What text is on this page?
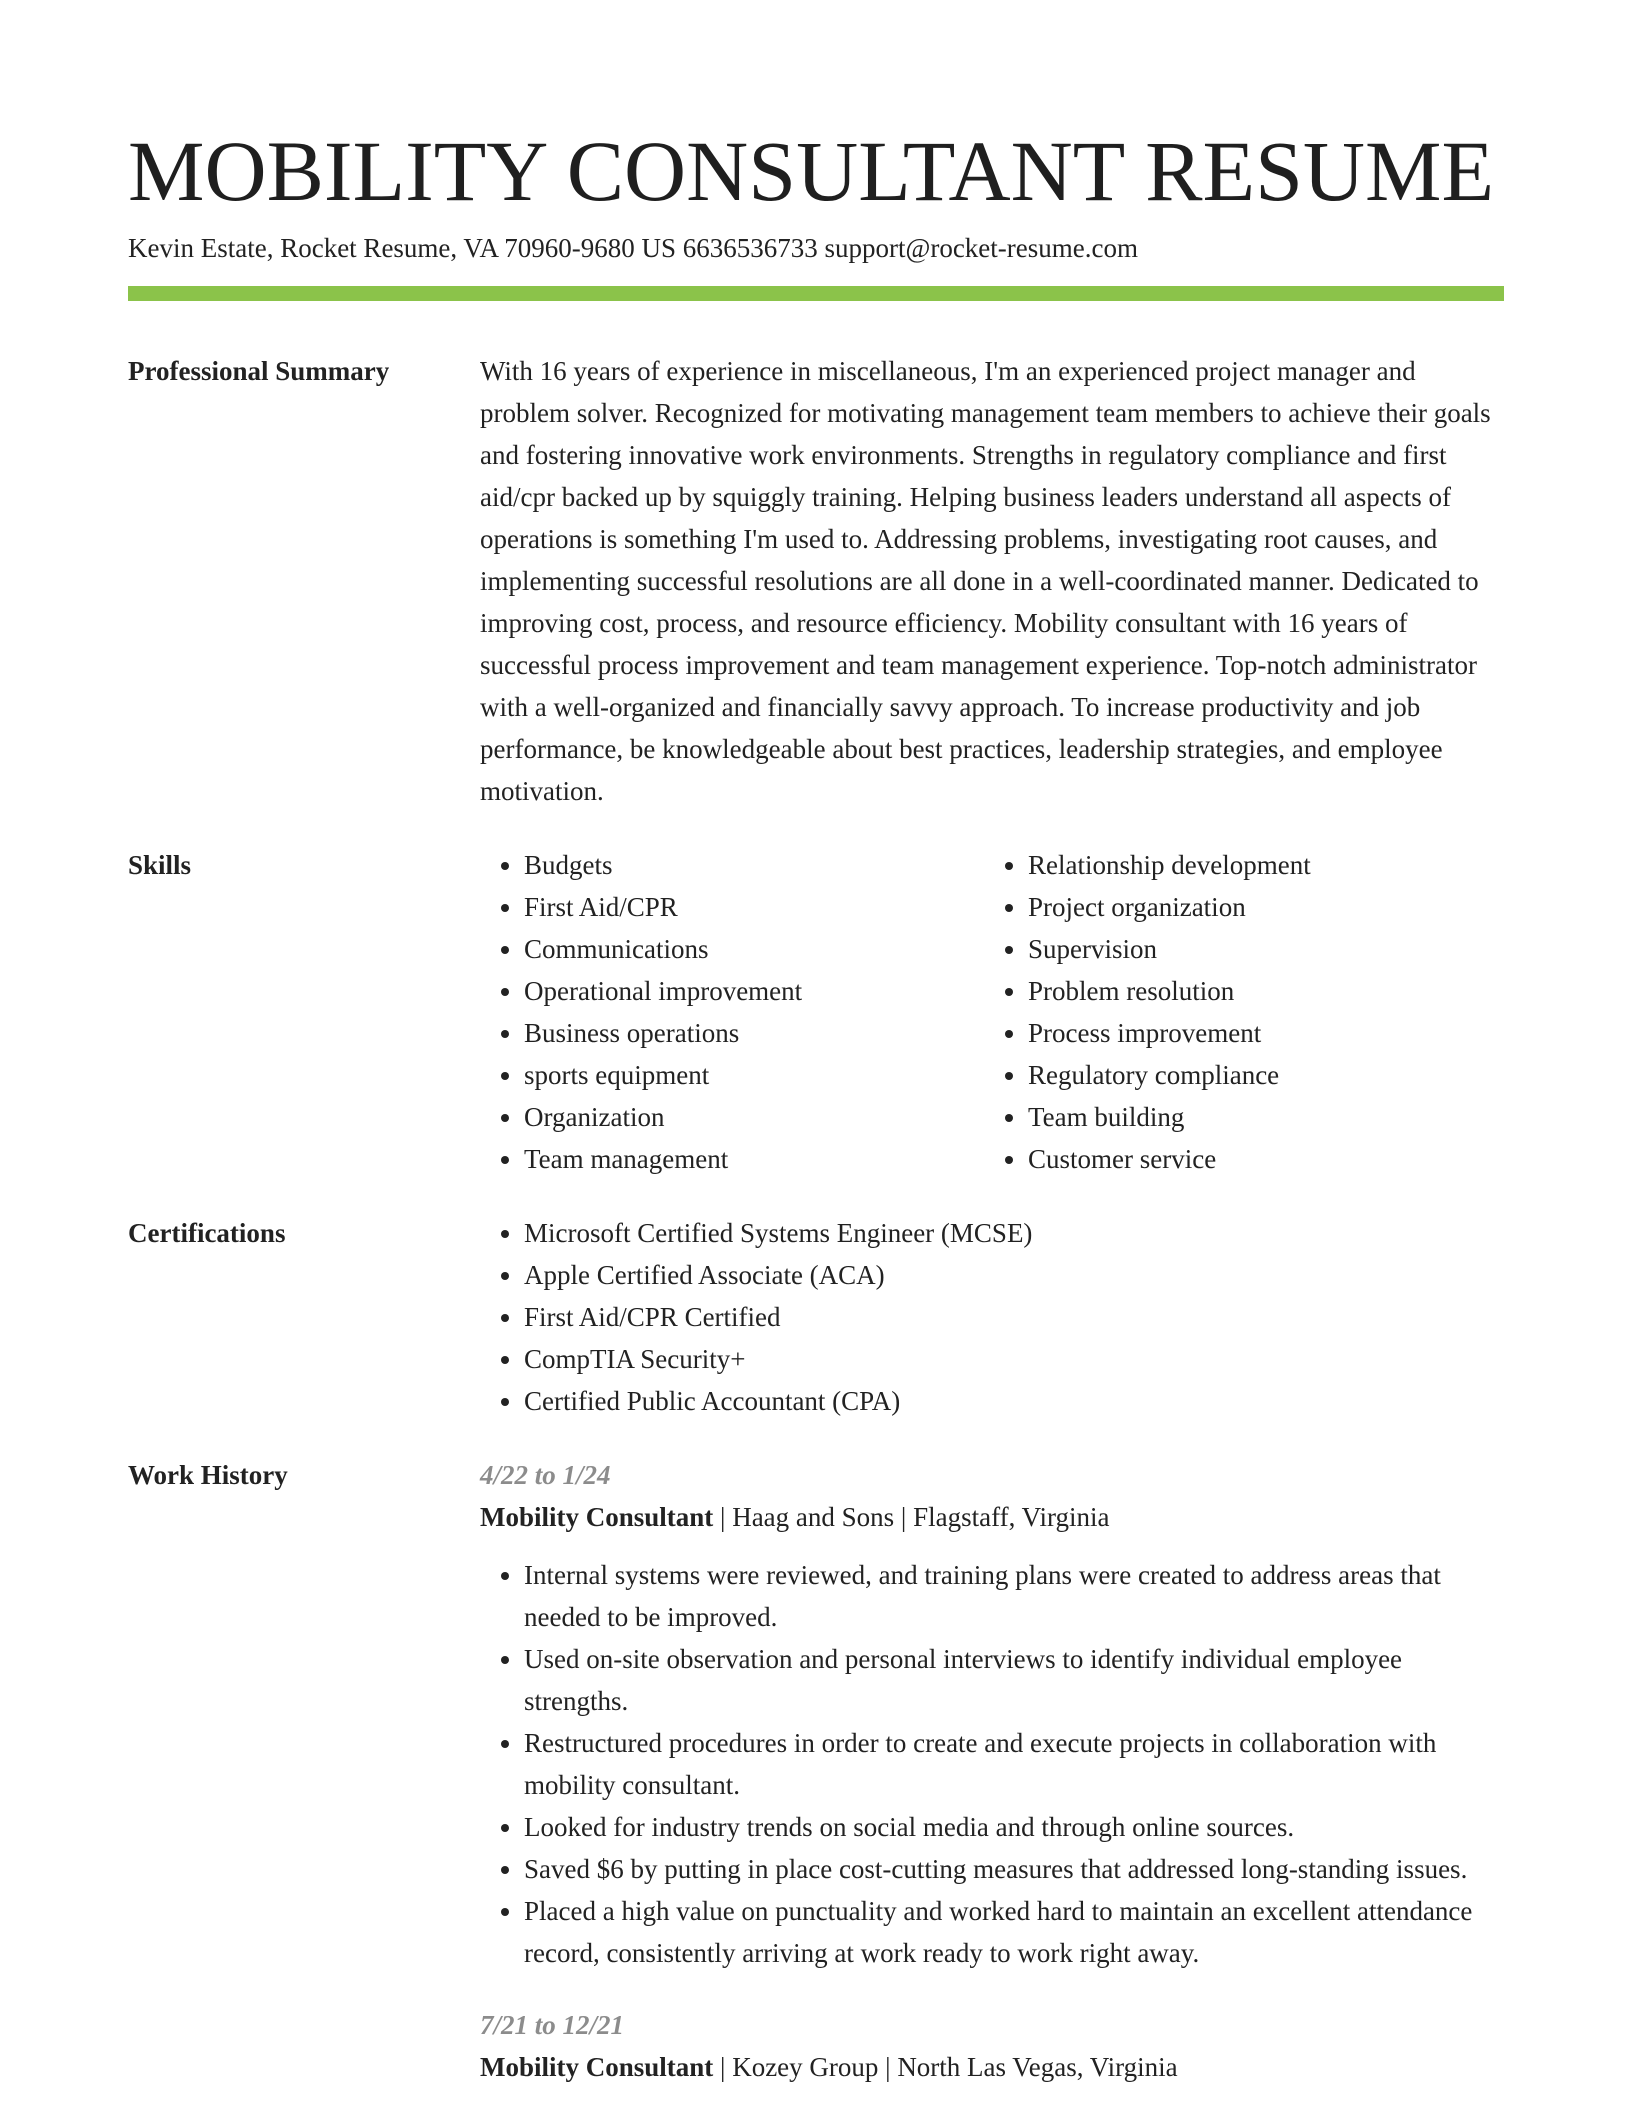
MOBILITY CONSULTANT RESUME
Kevin Estate, Rocket Resume, VA 70960-9680 US 6636536733 support@rocket-resume.com
Professional Summary	With 16 years of experience in miscellaneous, I'm an experienced project manager and problem solver. Recognized for motivating management team members to achieve their goals and fostering innovative work environments. Strengths in regulatory compliance and first aid/cpr backed up by squiggly training. Helping business leaders understand all aspects of operations is something I'm used to. Addressing problems, investigating root causes, and implementing successful resolutions are all done in a well-coordinated manner. Dedicated to improving cost, process, and resource efficiency. Mobility consultant with 16 years of successful process improvement and team management experience. Top-notch administrator with a well-organized and financially savvy approach. To increase productivity and job performance, be knowledgeable about best practices, leadership strategies, and employee motivation.

Skills	• Budgets
• First Aid/CPR
• Communications
• Operational improvement
• Business operations
• sports equipment
• Organization
• Team management
• Relationship development
• Project organization
• Supervision
• Problem resolution
• Process improvement
• Regulatory compliance
• Team building
• Customer service
Certifications	• Microsoft Certified Systems Engineer (MCSE)
• Apple Certified Associate (ACA)
• First Aid/CPR Certified
• CompTIA Security+
• Certified Public Accountant (CPA)
Work History	4/22 to 1/24
Mobility Consultant | Haag and Sons | Flagstaff, Virginia
• Internal systems were reviewed, and training plans were created to address areas that needed to be improved.
• Used on-site observation and personal interviews to identify individual employee strengths.
• Restructured procedures in order to create and execute projects in collaboration with mobility consultant.
• Looked for industry trends on social media and through online sources.
• Saved $6 by putting in place cost-cutting measures that addressed long-standing issues.
• Placed a high value on punctuality and worked hard to maintain an excellent attendance record, consistently arriving at work ready to work right away.
7/21 to 12/21
Mobility Consultant | Kozey Group | North Las Vegas, Virginia
